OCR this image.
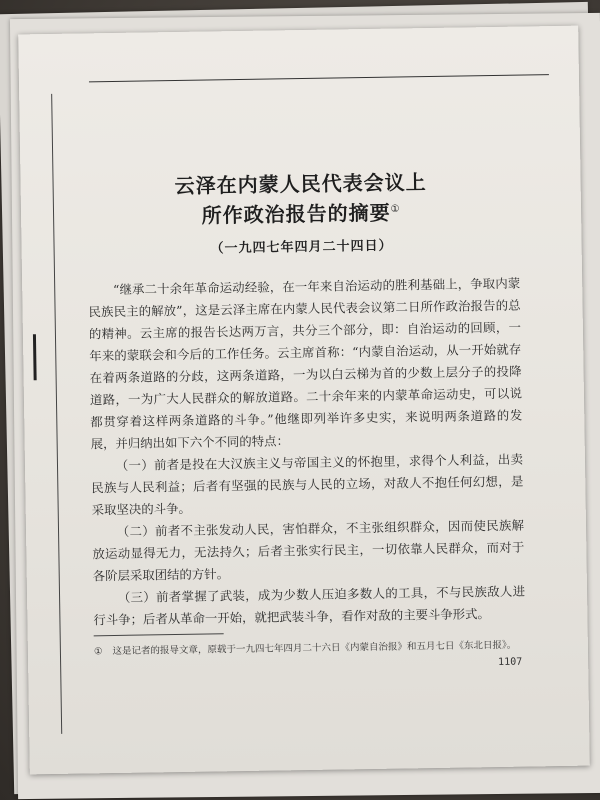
云泽在内蒙人民代表会议上
所作政治报告的摘要①
（一九四七年四月二十四日）

“继承二十余年革命运动经验，在一年来自治运动的胜利基础上，争取内蒙民族民主的解放”，这是云泽主席在内蒙人民代表会议第二日所作政治报告的总的精神。云主席的报告长达两万言，共分三个部分，即：自治运动的回顾，一年来的蒙联会和今后的工作任务。云主席首称：“内蒙自治运动，从一开始就存在着两条道路的分歧，这两条道路，一为以白云梯为首的少数上层分子的投降道路，一为广大人民群众的解放道路。二十余年来的内蒙革命运动史，可以说都贯穿着这样两条道路的斗争。”他继即列举许多史实，来说明两条道路的发展，并归纳出如下六个不同的特点：

（一）前者是投在大汉族主义与帝国主义的怀抱里，求得个人利益，出卖民族与人民利益；后者有坚强的民族与人民的立场，对敌人不抱任何幻想，是采取坚决的斗争。

（二）前者不主张发动人民，害怕群众，不主张组织群众，因而使民族解放运动显得无力，无法持久；后者主张实行民主，一切依靠人民群众，而对于各阶层采取团结的方针。

（三）前者掌握了武装，成为少数人压迫多数人的工具，不与民族敌人进行斗争；后者从革命一开始，就把武装斗争，看作对敌的主要斗争形式。

① 这是记者的报导文章，原载于一九四七年四月二十六日《内蒙自治报》和五月七日《东北日报》。
1107
